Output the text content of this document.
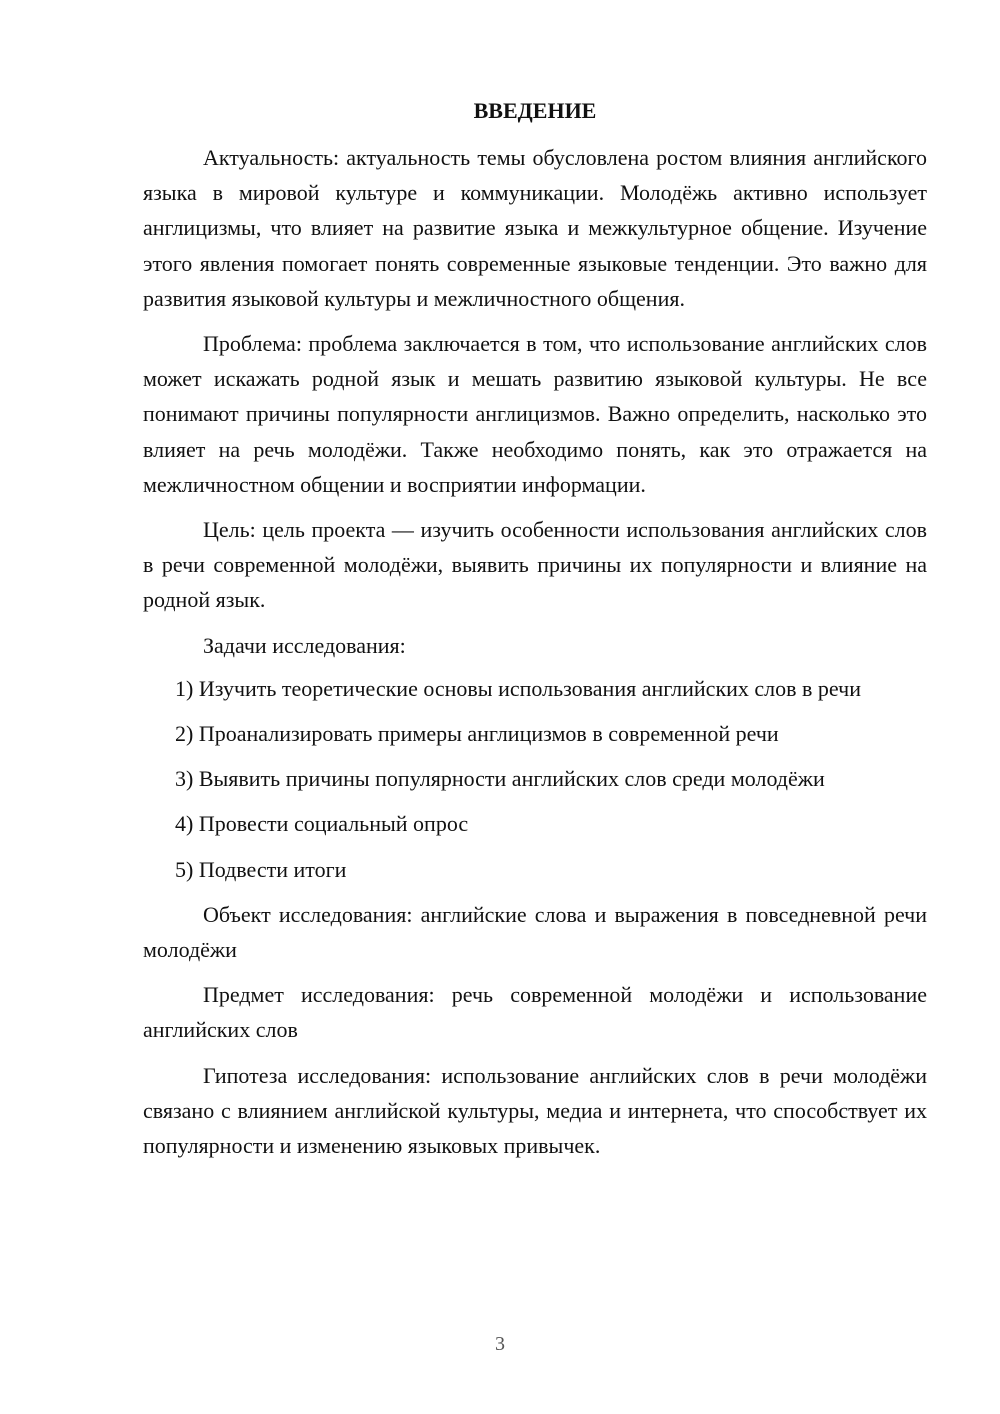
ВВЕДЕНИЕ

Актуальность: актуальность темы обусловлена ростом влияния английского языка в мировой культуре и коммуникации. Молодёжь активно использует англицизмы, что влияет на развитие языка и межкультурное общение. Изучение этого явления помогает понять современные языковые тенденции. Это важно для развития языковой культуры и межличностного общения.

Проблема: проблема заключается в том, что использование английских слов может искажать родной язык и мешать развитию языковой культуры. Не все понимают причины популярности англицизмов. Важно определить, насколько это влияет на речь молодёжи. Также необходимо понять, как это отражается на межличностном общении и восприятии информации.

Цель: цель проекта — изучить особенности использования английских слов в речи современной молодёжи, выявить причины их популярности и влияние на родной язык.

Задачи исследования:

1) Изучить теоретические основы использования английских слов в речи

2) Проанализировать примеры англицизмов в современной речи

3) Выявить причины популярности английских слов среди молодёжи

4) Провести социальный опрос

5) Подвести итоги

Объект исследования: английские слова и выражения в повседневной речи молодёжи

Предмет исследования: речь современной молодёжи и использование английских слов

Гипотеза исследования: использование английских слов в речи молодёжи связано с влиянием английской культуры, медиа и интернета, что способствует их популярности и изменению языковых привычек.

3
